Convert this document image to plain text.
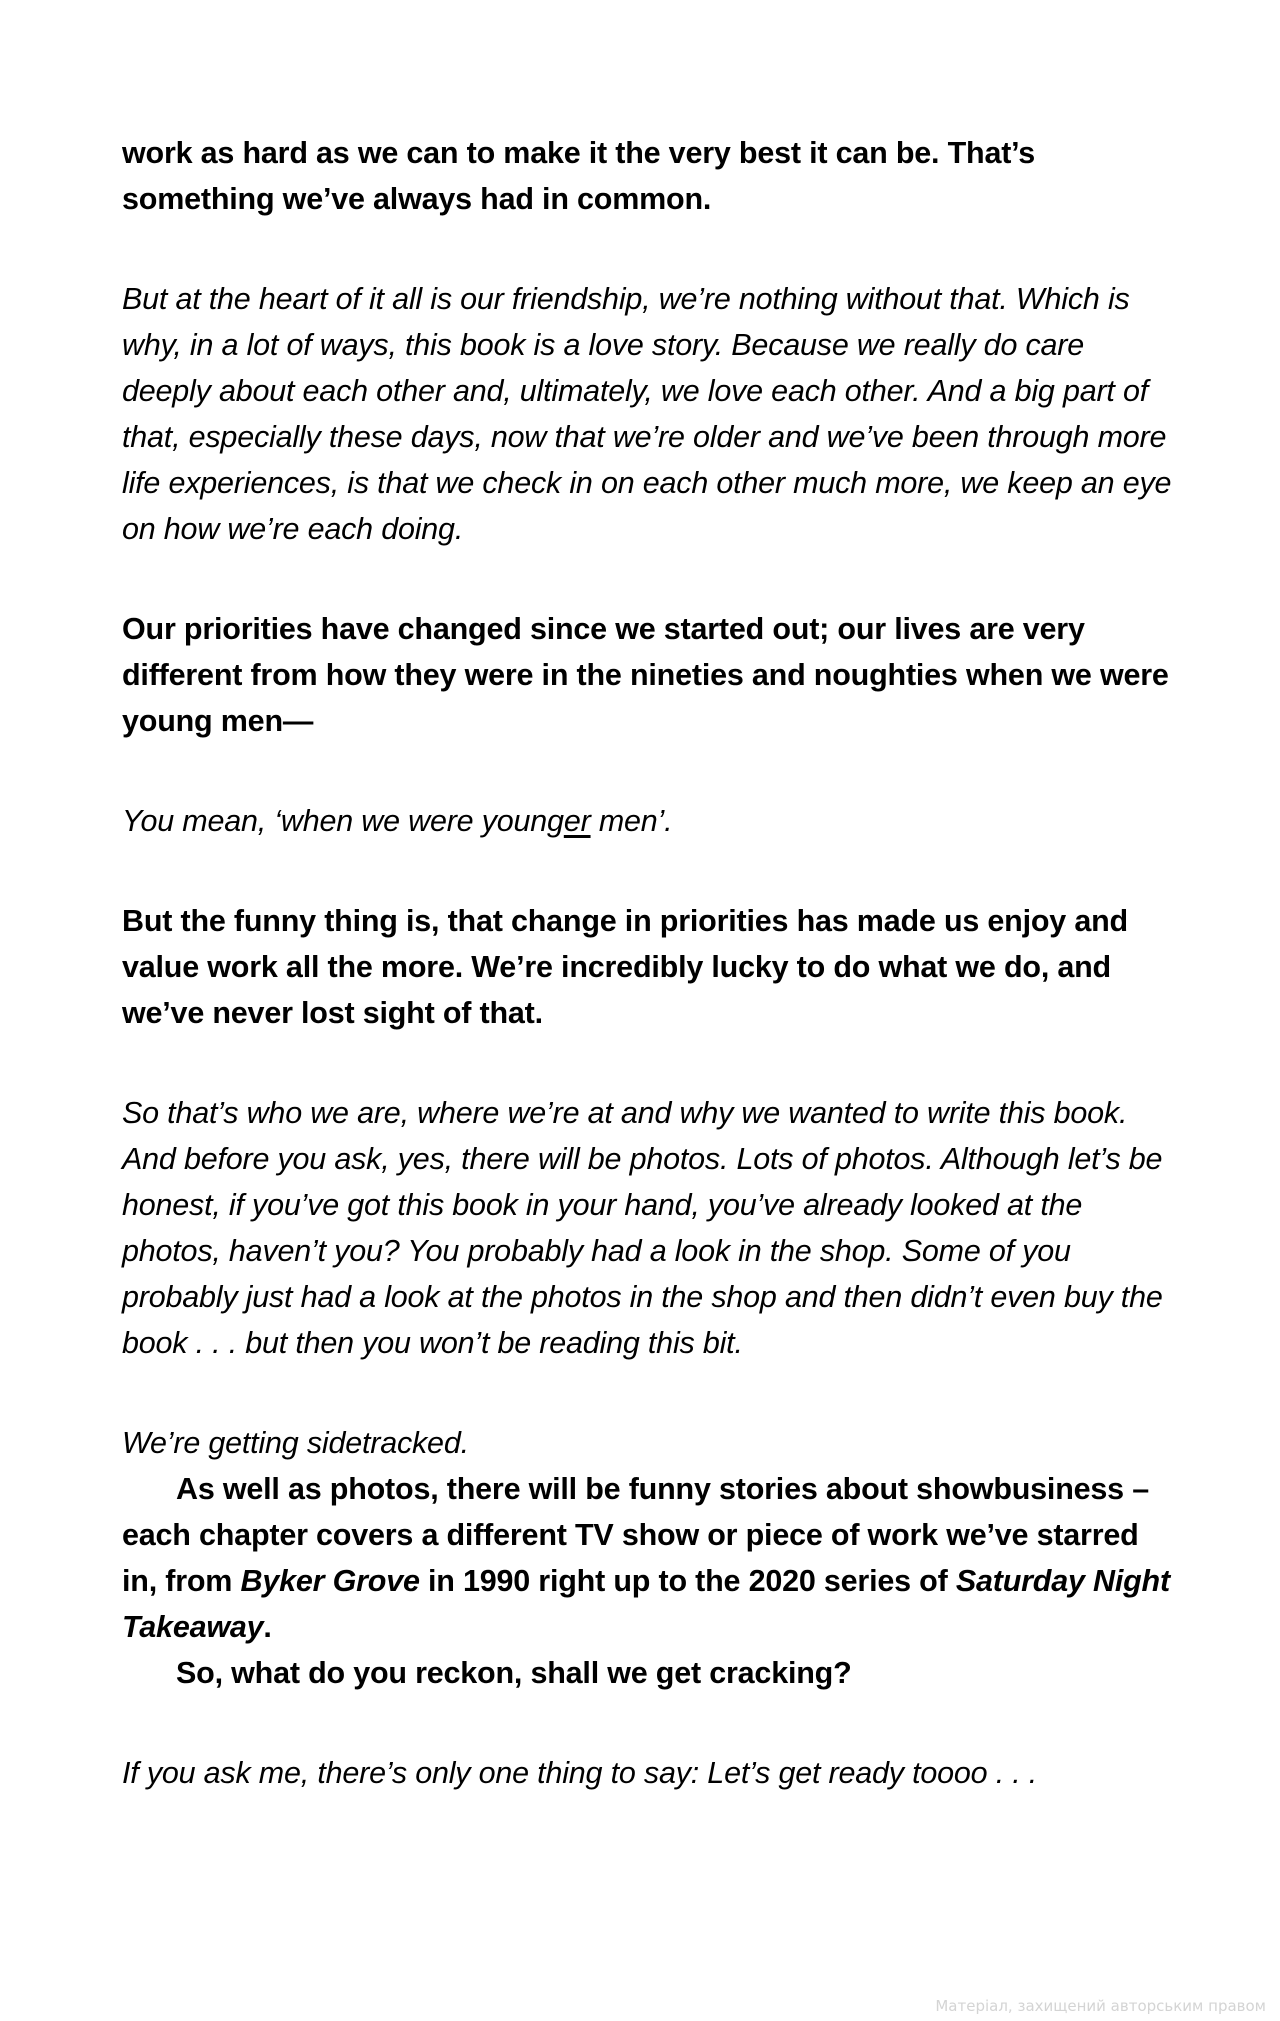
work as hard as we can to make it the very best it can be. That’s something we’ve always had in common.

But at the heart of it all is our friendship, we’re nothing without that. Which is why, in a lot of ways, this book is a love story. Because we really do care deeply about each other and, ultimately, we love each other. And a big part of that, especially these days, now that we’re older and we’ve been through more life experiences, is that we check in on each other much more, we keep an eye on how we’re each doing.

Our priorities have changed since we started out; our lives are very different from how they were in the nineties and noughties when we were young men—

You mean, ‘when we were younger men’.

But the funny thing is, that change in priorities has made us enjoy and value work all the more. We’re incredibly lucky to do what we do, and we’ve never lost sight of that.

So that’s who we are, where we’re at and why we wanted to write this book. And before you ask, yes, there will be photos. Lots of photos. Although let’s be honest, if you’ve got this book in your hand, you’ve already looked at the photos, haven’t you? You probably had a look in the shop. Some of you probably just had a look at the photos in the shop and then didn’t even buy the book . . . but then you won’t be reading this bit.

We’re getting sidetracked.

As well as photos, there will be funny stories about showbusiness – each chapter covers a different TV show or piece of work we’ve starred in, from Byker Grove in 1990 right up to the 2020 series of Saturday Night Takeaway.

So, what do you reckon, shall we get cracking?

If you ask me, there’s only one thing to say: Let’s get ready toooo . . .

Матеріал, захищений авторським правом
